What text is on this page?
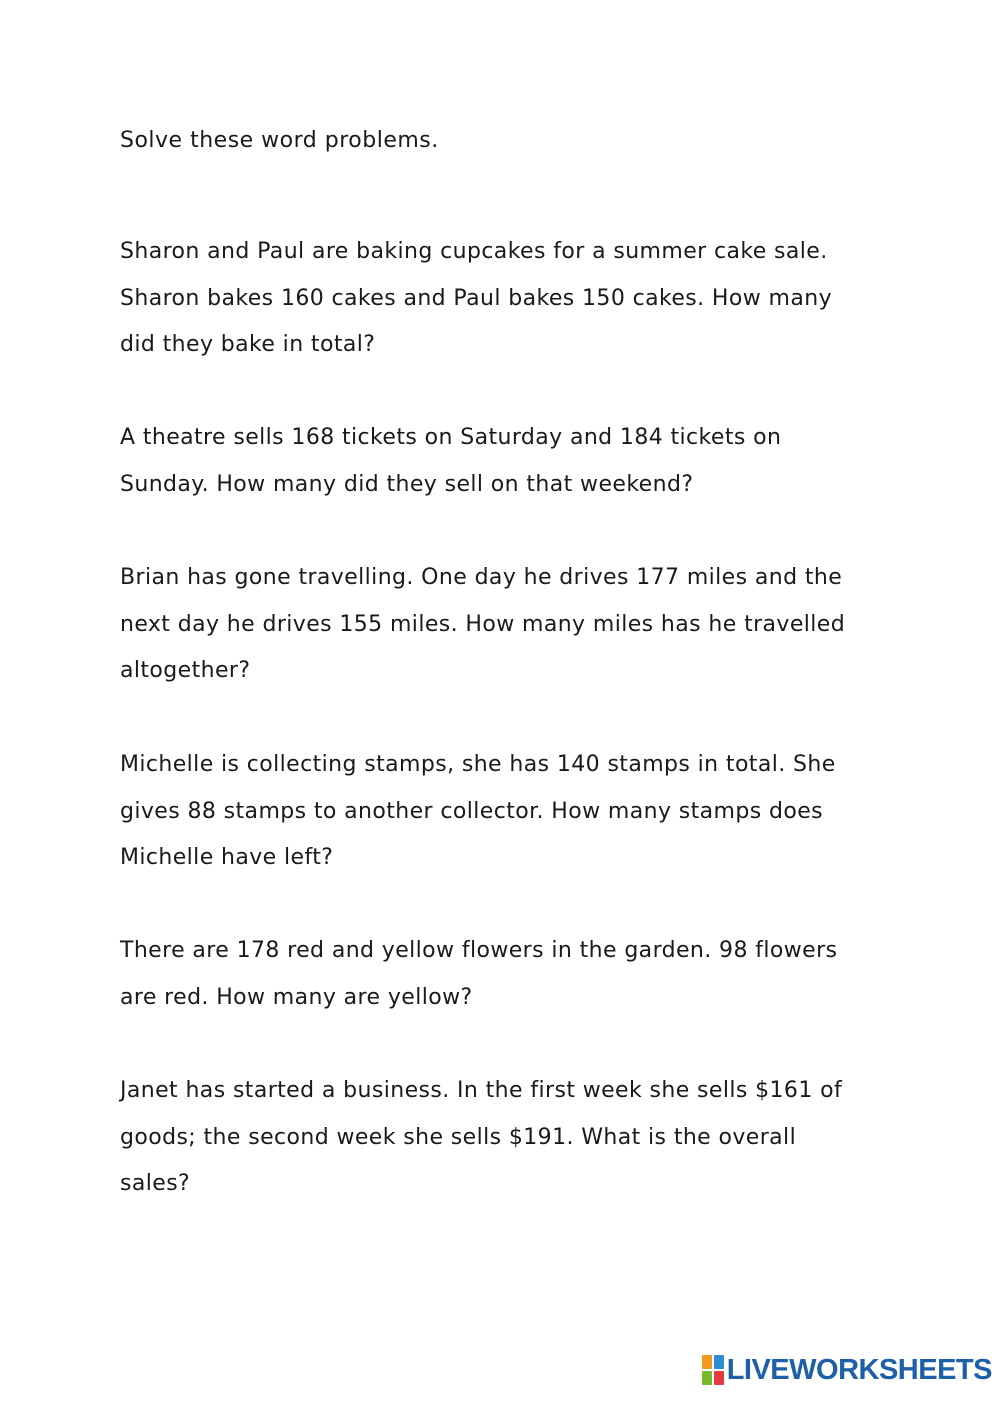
Solve these word problems.

Sharon and Paul are baking cupcakes for a summer cake sale. Sharon bakes 160 cakes and Paul bakes 150 cakes. How many did they bake in total?

A theatre sells 168 tickets on Saturday and 184 tickets on Sunday. How many did they sell on that weekend?

Brian has gone travelling. One day he drives 177 miles and the next day he drives 155 miles. How many miles has he travelled altogether?

Michelle is collecting stamps, she has 140 stamps in total. She gives 88 stamps to another collector. How many stamps does Michelle have left?

There are 178 red and yellow flowers in the garden. 98 flowers are red. How many are yellow?

Janet has started a business. In the first week she sells $161 of goods; the second week she sells $191. What is the overall sales?

LIVEWORKSHEETS
